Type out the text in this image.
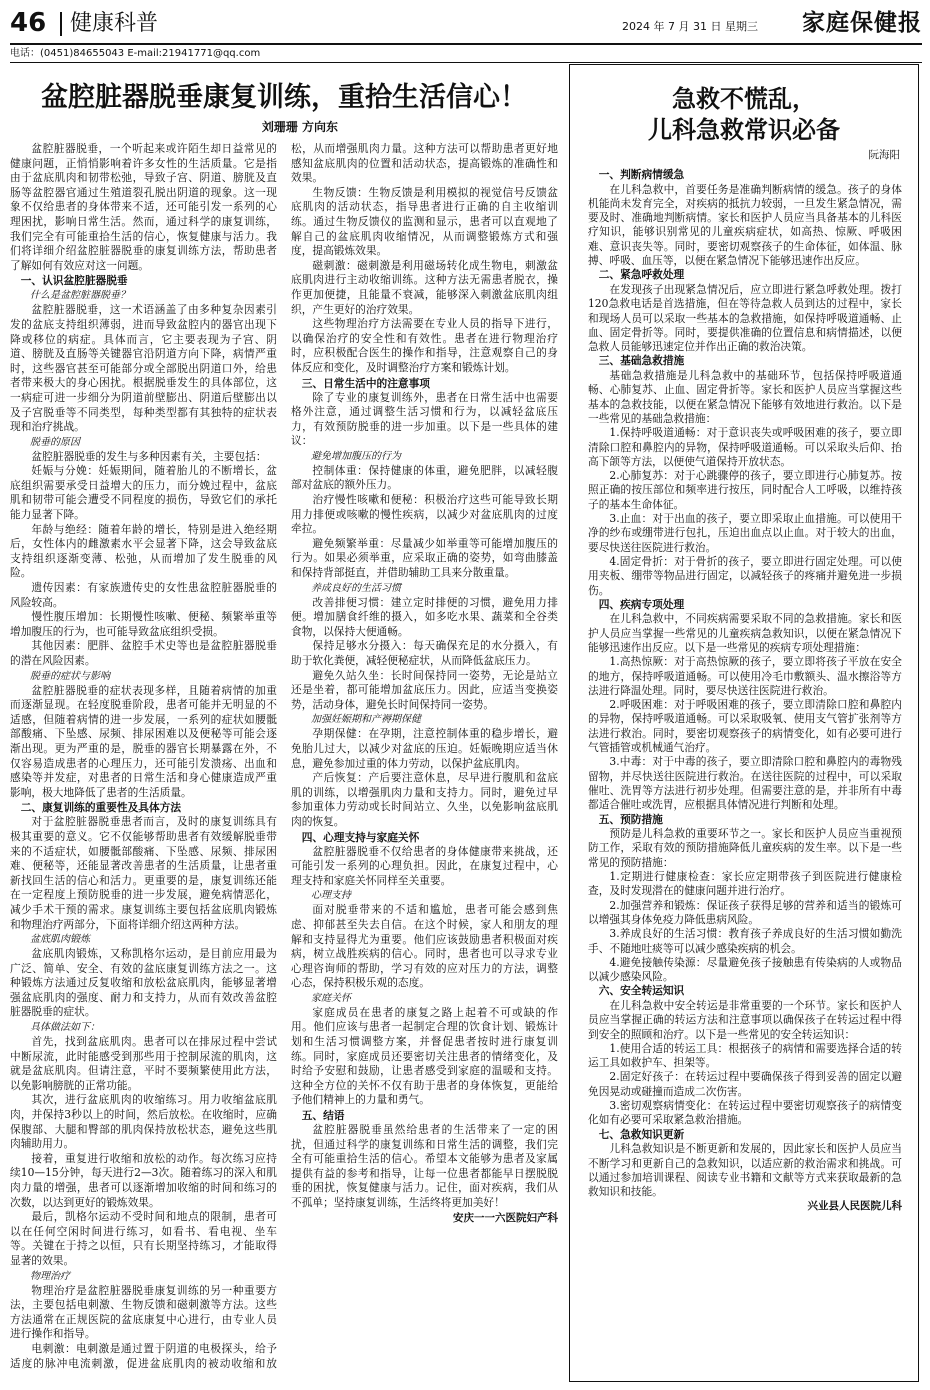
46 健康科普	2024 年 7 月 31 日 星期三 家庭保健报
电话：(0451)84655043 E-mail:21941771@qq.com
盆腔脏器脱垂康复训练，重拾生活信心！
刘珊珊 方向东

盆腔脏器脱垂，一个听起来或许陌生却日益常见的健康问题，正悄悄影响着许多女性的生活质量。它是指由于盆底肌肉和韧带松弛，导致子宫、阴道、膀胱及直肠等盆腔器官通过生殖道裂孔脱出阴道的现象。这一现象不仅给患者的身体带来不适，还可能引发一系列的心理困扰，影响日常生活。然而，通过科学的康复训练，我们完全有可能重拾生活的信心，恢复健康与活力。我们将详细介绍盆腔脏器脱垂的康复训练方法，帮助患者了解如何有效应对这一问题。

一、认识盆腔脏器脱垂

什么是盆腔脏器脱垂？

盆腔脏器脱垂，这一术语涵盖了由多种复杂因素引发的盆底支持组织薄弱，进而导致盆腔内的器官出现下降或移位的病症。具体而言，它主要表现为子宫、阴道、膀胱及直肠等关键器官沿阴道方向下降，病情严重时，这些器官甚至可能部分或全部脱出阴道口外，给患者带来极大的身心困扰。根据脱垂发生的具体部位，这一病症可进一步细分为阴道前壁膨出、阴道后壁膨出以及子宫脱垂等不同类型，每种类型都有其独特的症状表现和治疗挑战。

脱垂的原因

盆腔脏器脱垂的发生与多种因素有关，主要包括：

妊娠与分娩：妊娠期间，随着胎儿的不断增长，盆底组织需要承受日益增大的压力，而分娩过程中，盆底肌和韧带可能会遭受不同程度的损伤，导致它们的承托能力显著下降。

年龄与绝经：随着年龄的增长，特别是进入绝经期后，女性体内的雌激素水平会显著下降，这会导致盆底支持组织逐渐变薄、松弛，从而增加了发生脱垂的风险。

遗传因素：有家族遗传史的女性患盆腔脏器脱垂的风险较高。

慢性腹压增加：长期慢性咳嗽、便秘、频繁举重等增加腹压的行为，也可能导致盆底组织受损。

其他因素：肥胖、盆腔手术史等也是盆腔脏器脱垂的潜在风险因素。

脱垂的症状与影响

盆腔脏器脱垂的症状表现多样，且随着病情的加重而逐渐显现。在轻度脱垂阶段，患者可能并无明显的不适感，但随着病情的进一步发展，一系列的症状如腰骶部酸痛、下坠感、尿频、排尿困难以及便秘等可能会逐渐出现。更为严重的是，脱垂的器官长期暴露在外，不仅容易造成患者的心理压力，还可能引发溃疡、出血和感染等并发症，对患者的日常生活和身心健康造成严重影响，极大地降低了患者的生活质量。

二、康复训练的重要性及具体方法

对于盆腔脏器脱垂患者而言，及时的康复训练具有极其重要的意义。它不仅能够帮助患者有效缓解脱垂带来的不适症状，如腰骶部酸痛、下坠感、尿频、排尿困难、便秘等，还能显著改善患者的生活质量，让患者重新找回生活的信心和活力。更重要的是，康复训练还能在一定程度上预防脱垂的进一步发展，避免病情恶化，减少手术干预的需求。康复训练主要包括盆底肌肉锻炼和物理治疗两部分，下面将详细介绍这两种方法。

盆底肌肉锻炼

盆底肌肉锻炼，又称凯格尔运动，是目前应用最为广泛、简单、安全、有效的盆底康复训练方法之一。这种锻炼方法通过反复收缩和放松盆底肌肉，能够显著增强盆底肌肉的强度、耐力和支持力，从而有效改善盆腔脏器脱垂的症状。

具体做法如下：

首先，找到盆底肌肉。患者可以在排尿过程中尝试中断尿流，此时能感受到那些用于控制尿流的肌肉，这就是盆底肌肉。但请注意，平时不要频繁使用此方法，以免影响膀胱的正常功能。

其次，进行盆底肌肉的收缩练习。用力收缩盆底肌肉，并保持3秒以上的时间，然后放松。在收缩时，应确保腹部、大腿和臀部的肌肉保持放松状态，避免这些肌肉辅助用力。

接着，重复进行收缩和放松的动作。每次练习应持续10—15分钟，每天进行2—3次。随着练习的深入和肌肉力量的增强，患者可以逐渐增加收缩的时间和练习的次数，以达到更好的锻炼效果。

最后，凯格尔运动不受时间和地点的限制，患者可以在任何空闲时间进行练习，如看书、看电视、坐车等。关键在于持之以恒，只有长期坚持练习，才能取得显著的效果。

物理治疗

物理治疗是盆腔脏器脱垂康复训练的另一种重要方法，主要包括电刺激、生物反馈和磁刺激等方法。这些方法通常在正规医院的盆底康复中心进行，由专业人员进行操作和指导。

电刺激：电刺激是通过置于阴道的电极探头，给予适度的脉冲电流刺激，促进盆底肌肉的被动收缩和放松，从而增强肌肉力量。这种方法可以帮助患者更好地感知盆底肌肉的位置和活动状态，提高锻炼的准确性和效果。

生物反馈：生物反馈是利用模拟的视觉信号反馈盆底肌肉的活动状态，指导患者进行正确的自主收缩训练。通过生物反馈仪的监测和显示，患者可以直观地了解自己的盆底肌肉收缩情况，从而调整锻炼方式和强度，提高锻炼效果。

磁刺激：磁刺激是利用磁场转化成生物电，刺激盆底肌肉进行主动收缩训练。这种方法无需患者脱衣，操作更加便捷，且能量不衰减，能够深入刺激盆底肌肉组织，产生更好的治疗效果。

这些物理治疗方法需要在专业人员的指导下进行，以确保治疗的安全性和有效性。患者在进行物理治疗时，应积极配合医生的操作和指导，注意观察自己的身体反应和变化，及时调整治疗方案和锻炼计划。

三、日常生活中的注意事项

除了专业的康复训练外，患者在日常生活中也需要格外注意，通过调整生活习惯和行为，以减轻盆底压力，有效预防脱垂的进一步加重。以下是一些具体的建议：

避免增加腹压的行为

控制体重：保持健康的体重，避免肥胖，以减轻腹部对盆底的额外压力。

治疗慢性咳嗽和便秘：积极治疗这些可能导致长期用力排便或咳嗽的慢性疾病，以减少对盆底肌肉的过度牵拉。

避免频繁举重：尽量减少如举重等可能增加腹压的行为。如果必须举重，应采取正确的姿势，如弯曲膝盖和保持背部挺直，并借助辅助工具来分散重量。

养成良好的生活习惯

改善排便习惯：建立定时排便的习惯，避免用力排便。增加膳食纤维的摄入，如多吃水果、蔬菜和全谷类食物，以保持大便通畅。

保持足够水分摄入：每天确保充足的水分摄入，有助于软化粪便，减轻便秘症状，从而降低盆底压力。

避免久站久坐：长时间保持同一姿势，无论是站立还是坐着，都可能增加盆底压力。因此，应适当变换姿势，活动身体，避免长时间保持同一姿势。

加强妊娠期和产褥期保健

孕期保健：在孕期，注意控制体重的稳步增长，避免胎儿过大，以减少对盆底的压迫。妊娠晚期应适当休息，避免参加过重的体力劳动，以保护盆底肌肉。

产后恢复：产后要注意休息，尽早进行腹肌和盆底肌的训练，以增强肌肉力量和支持力。同时，避免过早参加重体力劳动或长时间站立、久坐，以免影响盆底肌肉的恢复。

四、心理支持与家庭关怀

盆腔脏器脱垂不仅给患者的身体健康带来挑战，还可能引发一系列的心理负担。因此，在康复过程中，心理支持和家庭关怀同样至关重要。

心理支持

面对脱垂带来的不适和尴尬，患者可能会感到焦虑、抑郁甚至失去自信。在这个时候，家人和朋友的理解和支持显得尤为重要。他们应该鼓励患者积极面对疾病，树立战胜疾病的信心。同时，患者也可以寻求专业心理咨询师的帮助，学习有效的应对压力的方法，调整心态，保持积极乐观的态度。

家庭关怀

家庭成员在患者的康复之路上起着不可或缺的作用。他们应该与患者一起制定合理的饮食计划、锻炼计划和生活习惯调整方案，并督促患者按时进行康复训练。同时，家庭成员还要密切关注患者的情绪变化，及时给予安慰和鼓励，让患者感受到家庭的温暖和支持。这种全方位的关怀不仅有助于患者的身体恢复，更能给予他们精神上的力量和勇气。

五、结语

盆腔脏器脱垂虽然给患者的生活带来了一定的困扰，但通过科学的康复训练和日常生活的调整，我们完全有可能重拾生活的信心。希望本文能够为患者及家属提供有益的参考和指导，让每一位患者都能早日摆脱脱垂的困扰，恢复健康与活力。记住，面对疾病，我们从不孤单；坚持康复训练，生活终将更加美好！

安庆一一六医院妇产科

急救不慌乱，
儿科急救常识必备
阮海阳

一、判断病情缓急

在儿科急救中，首要任务是准确判断病情的缓急。孩子的身体机能尚未发育完全，对疾病的抵抗力较弱，一旦发生紧急情况，需要及时、准确地判断病情。家长和医护人员应当具备基本的儿科医疗知识，能够识别常见的儿童疾病症状，如高热、惊厥、呼吸困难、意识丧失等。同时，要密切观察孩子的生命体征，如体温、脉搏、呼吸、血压等，以便在紧急情况下能够迅速作出反应。

二、紧急呼救处理

在发现孩子出现紧急情况后，应立即进行紧急呼救处理。拨打120急救电话是首选措施，但在等待急救人员到达的过程中，家长和现场人员可以采取一些基本的急救措施，如保持呼吸道通畅、止血、固定骨折等。同时，要提供准确的位置信息和病情描述，以便急救人员能够迅速定位并作出正确的救治决策。

三、基础急救措施

基础急救措施是儿科急救中的基础环节，包括保持呼吸道通畅、心肺复苏、止血、固定骨折等。家长和医护人员应当掌握这些基本的急救技能，以便在紧急情况下能够有效地进行救治。以下是一些常见的基础急救措施：

1.保持呼吸道通畅：对于意识丧失或呼吸困难的孩子，要立即清除口腔和鼻腔内的异物，保持呼吸道通畅。可以采取头后仰、抬高下颌等方法，以便使气道保持开放状态。

2.心肺复苏：对于心跳骤停的孩子，要立即进行心肺复苏。按照正确的按压部位和频率进行按压，同时配合人工呼吸，以维持孩子的基本生命体征。

3.止血：对于出血的孩子，要立即采取止血措施。可以使用干净的纱布或绷带进行包扎，压迫出血点以止血。对于较大的出血，要尽快送往医院进行救治。

4.固定骨折：对于骨折的孩子，要立即进行固定处理。可以使用夹板、绷带等物品进行固定，以减轻孩子的疼痛并避免进一步损伤。

四、疾病专项处理

在儿科急救中，不同疾病需要采取不同的急救措施。家长和医护人员应当掌握一些常见的儿童疾病急救知识，以便在紧急情况下能够迅速作出反应。以下是一些常见的疾病专项处理措施：

1.高热惊厥：对于高热惊厥的孩子，要立即将孩子平放在安全的地方，保持呼吸道通畅。可以使用冷毛巾敷额头、温水擦浴等方法进行降温处理。同时，要尽快送往医院进行救治。

2.呼吸困难：对于呼吸困难的孩子，要立即清除口腔和鼻腔内的异物，保持呼吸道通畅。可以采取吸氧、使用支气管扩张剂等方法进行救治。同时，要密切观察孩子的病情变化，如有必要可进行气管插管或机械通气治疗。

3.中毒：对于中毒的孩子，要立即清除口腔和鼻腔内的毒物残留物，并尽快送往医院进行救治。在送往医院的过程中，可以采取催吐、洗胃等方法进行初步处理。但需要注意的是，并非所有中毒都适合催吐或洗胃，应根据具体情况进行判断和处理。

五、预防措施

预防是儿科急救的重要环节之一。家长和医护人员应当重视预防工作，采取有效的预防措施降低儿童疾病的发生率。以下是一些常见的预防措施：

1.定期进行健康检查：家长应定期带孩子到医院进行健康检查，及时发现潜在的健康问题并进行治疗。

2.加强营养和锻炼：保证孩子获得足够的营养和适当的锻炼可以增强其身体免疫力降低患病风险。

3.养成良好的生活习惯：教育孩子养成良好的生活习惯如勤洗手、不随地吐痰等可以减少感染疾病的机会。

4.避免接触传染源：尽量避免孩子接触患有传染病的人或物品以减少感染风险。

六、安全转运知识

在儿科急救中安全转运是非常重要的一个环节。家长和医护人员应当掌握正确的转运方法和注意事项以确保孩子在转运过程中得到安全的照顾和治疗。以下是一些常见的安全转运知识：

1.使用合适的转运工具：根据孩子的病情和需要选择合适的转运工具如救护车、担架等。

2.固定好孩子：在转运过程中要确保孩子得到妥善的固定以避免因晃动或碰撞而造成二次伤害。

3.密切观察病情变化：在转运过程中要密切观察孩子的病情变化如有必要可采取紧急救治措施。

七、急救知识更新

儿科急救知识是不断更新和发展的，因此家长和医护人员应当不断学习和更新自己的急救知识，以适应新的救治需求和挑战。可以通过参加培训课程、阅读专业书籍和文献等方式来获取最新的急救知识和技能。

兴业县人民医院儿科
